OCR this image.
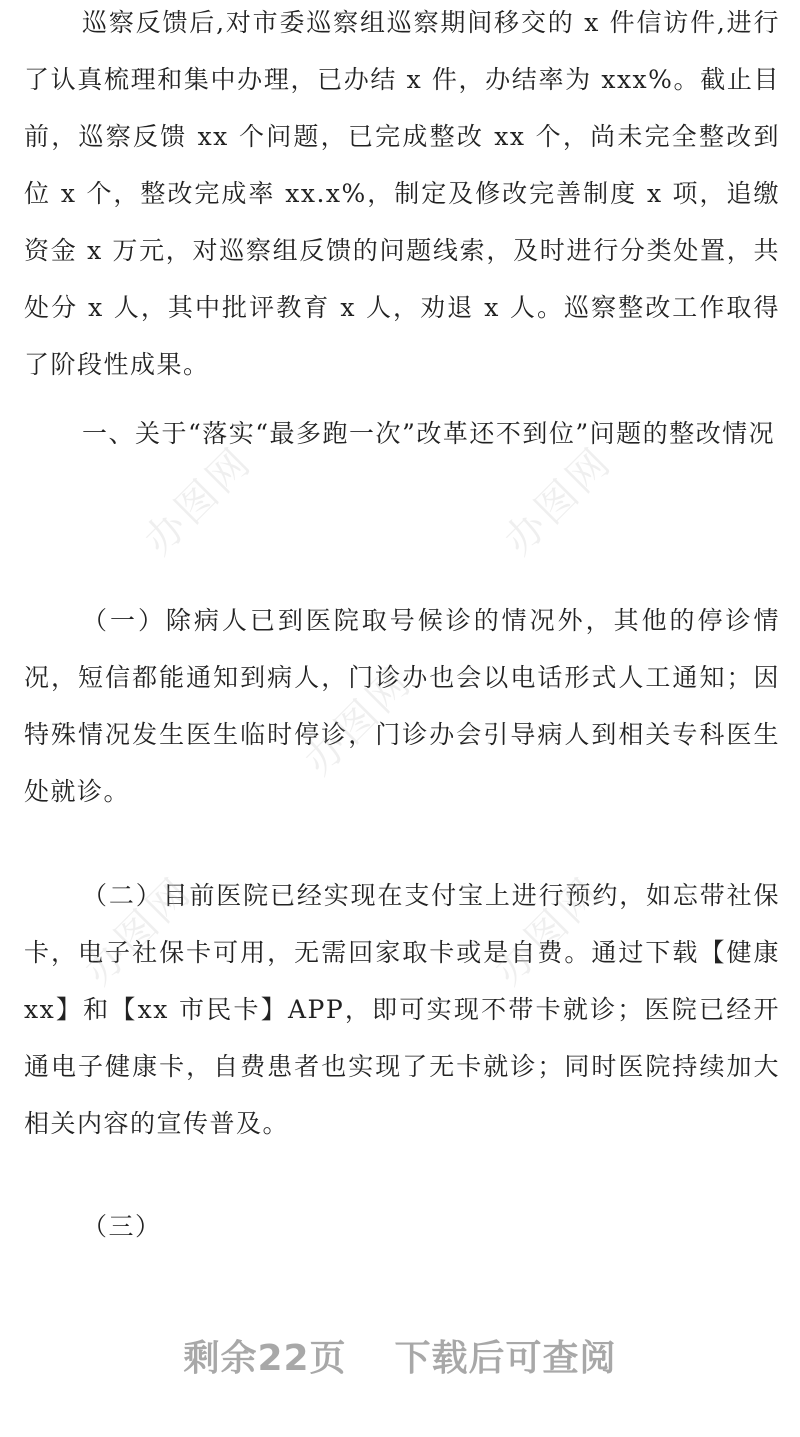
巡察反馈后,对市委巡察组巡察期间移交的 x 件信访件,进行了认真梳理和集中办理，已办结 x 件，办结率为 xxx%。截止目前，巡察反馈 xx 个问题，已完成整改 xx 个，尚未完全整改到位 x 个，整改完成率 xx.x%，制定及修改完善制度 x 项，追缴资金 x 万元，对巡察组反馈的问题线索，及时进行分类处置，共处分 x 人，其中批评教育 x 人，劝退 x 人。巡察整改工作取得了阶段性成果。

一、关于“落实“最多跑一次”改革还不到位”问题的整改情况

（一）除病人已到医院取号候诊的情况外，其他的停诊情况，短信都能通知到病人，门诊办也会以电话形式人工通知；因特殊情况发生医生临时停诊，门诊办会引导病人到相关专科医生处就诊。

（二）目前医院已经实现在支付宝上进行预约，如忘带社保卡，电子社保卡可用，无需回家取卡或是自费。通过下载【健康 xx】和【xx 市民卡】APP，即可实现不带卡就诊；医院已经开通电子健康卡，自费患者也实现了无卡就诊；同时医院持续加大相关内容的宣传普及。

（三）

办图网	办图网
办图网
办图网	办图网
剩余22页 下载后可查阅
